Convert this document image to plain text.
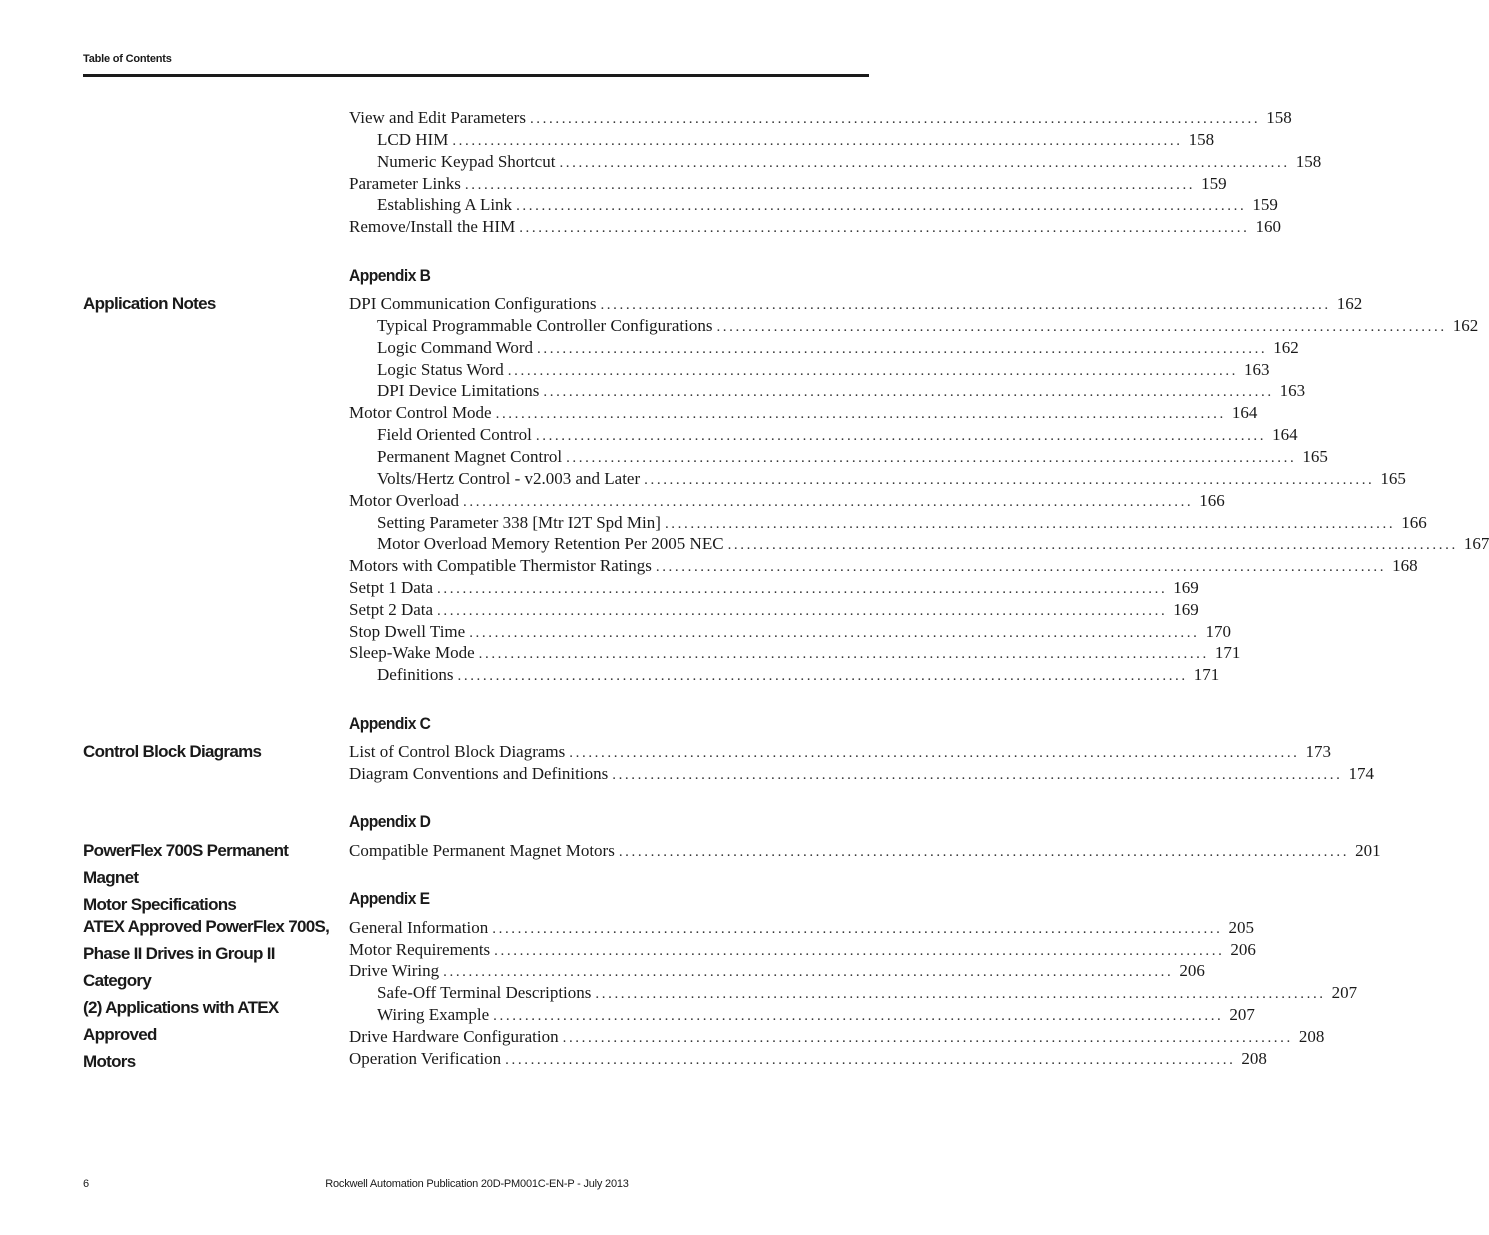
Table of Contents
View and Edit Parameters ................................................................................................................... 158
LCD HIM ................................................................................................................... 158
Numeric Keypad Shortcut ................................................................................................................... 158
Parameter Links ................................................................................................................... 159
Establishing A Link ................................................................................................................... 159
Remove/Install the HIM ................................................................................................................... 160
Appendix B
Application Notes	DPI Communication Configurations ................................................................................................................... 162
Typical Programmable Controller Configurations ................................................................................................................... 162
Logic Command Word ................................................................................................................... 162
Logic Status Word ................................................................................................................... 163
DPI Device Limitations ................................................................................................................... 163
Motor Control Mode ................................................................................................................... 164
Field Oriented Control ................................................................................................................... 164
Permanent Magnet Control ................................................................................................................... 165
Volts/Hertz Control - v2.003 and Later ................................................................................................................... 165
Motor Overload ................................................................................................................... 166
Setting Parameter 338 [Mtr I2T Spd Min] ................................................................................................................... 166
Motor Overload Memory Retention Per 2005 NEC ................................................................................................................... 167
Motors with Compatible Thermistor Ratings ................................................................................................................... 168
Setpt 1 Data ................................................................................................................... 169
Setpt 2 Data ................................................................................................................... 169
Stop Dwell Time ................................................................................................................... 170
Sleep-Wake Mode ................................................................................................................... 171
Definitions ................................................................................................................... 171
Appendix C
Control Block Diagrams	List of Control Block Diagrams ................................................................................................................... 173
Diagram Conventions and Definitions ................................................................................................................... 174
Appendix D
PowerFlex 700S Permanent Magnet
Motor Specifications
Compatible Permanent Magnet Motors ................................................................................................................... 201
Appendix E
ATEX Approved PowerFlex 700S,
Phase II Drives in Group II Category
(2) Applications with ATEX Approved
Motors
General Information ................................................................................................................... 205
Motor Requirements ................................................................................................................... 206
Drive Wiring ................................................................................................................... 206
Safe-Off Terminal Descriptions ................................................................................................................... 207
Wiring Example ................................................................................................................... 207
Drive Hardware Configuration ................................................................................................................... 208
Operation Verification ................................................................................................................... 208
6	Rockwell Automation Publication 20D-PM001C-EN-P - July 2013
